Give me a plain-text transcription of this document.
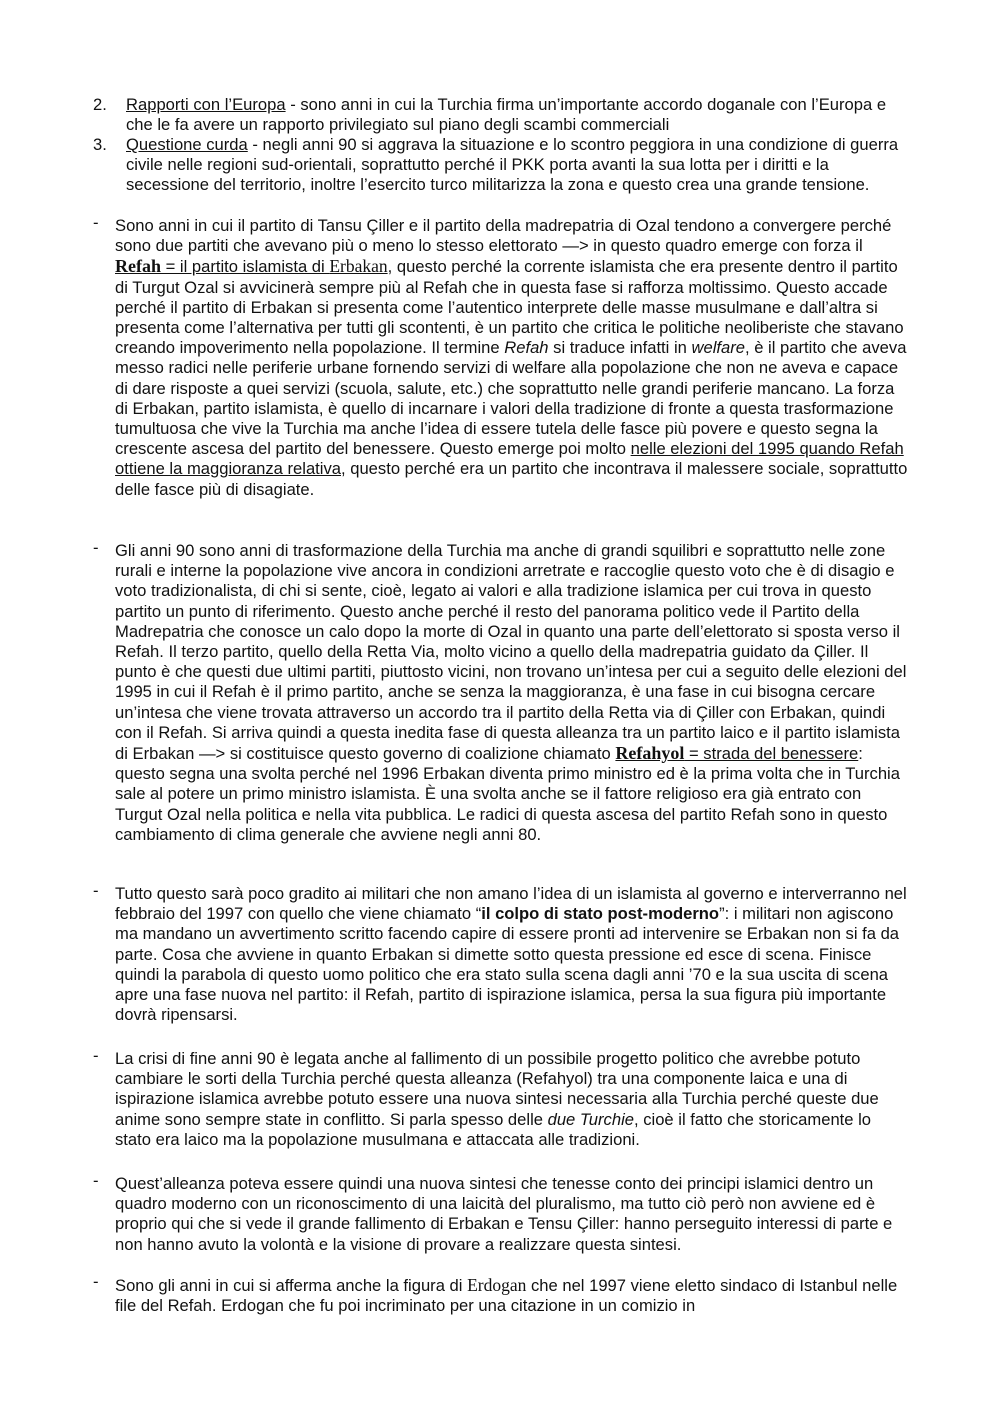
2. Rapporti con l’Europa - sono anni in cui la Turchia firma un’importante accordo doganale con l’Europa e che le fa avere un rapporto privilegiato sul piano degli scambi commerciali

3. Questione curda - negli anni 90 si aggrava la situazione e lo scontro peggiora in una condizione di guerra civile nelle regioni sud-orientali, soprattutto perché il PKK porta avanti la sua lotta per i diritti e la secessione del territorio, inoltre l’esercito turco militarizza la zona e questo crea una grande tensione.

- Sono anni in cui il partito di Tansu Çiller e il partito della madrepatria di Ozal tendono a convergere perché sono due partiti che avevano più o meno lo stesso elettorato —> in questo quadro emerge con forza il Refah = il partito islamista di Erbakan, questo perché la corrente islamista che era presente dentro il partito di Turgut Ozal si avvicinerà sempre più al Refah che in questa fase si rafforza moltissimo. Questo accade perché il partito di Erbakan si presenta come l’autentico interprete delle masse musulmane e dall’altra si presenta come l’alternativa per tutti gli scontenti, è un partito che critica le politiche neoliberiste che stavano creando impoverimento nella popolazione. Il termine Refah si traduce infatti in welfare, è il partito che aveva messo radici nelle periferie urbane fornendo servizi di welfare alla popolazione che non ne aveva e capace di dare risposte a quei servizi (scuola, salute, etc.) che soprattutto nelle grandi periferie mancano. La forza di Erbakan, partito islamista, è quello di incarnare i valori della tradizione di fronte a questa trasformazione tumultuosa che vive la Turchia ma anche l’idea di essere tutela delle fasce più povere e questo segna la crescente ascesa del partito del benessere. Questo emerge poi molto nelle elezioni del 1995 quando Refah ottiene la maggioranza relativa, questo perché era un partito che incontrava il malessere sociale, soprattutto delle fasce più di disagiate.

- Gli anni 90 sono anni di trasformazione della Turchia ma anche di grandi squilibri e soprattutto nelle zone rurali e interne la popolazione vive ancora in condizioni arretrate e raccoglie questo voto che è di disagio e voto tradizionalista, di chi si sente, cioè, legato ai valori e alla tradizione islamica per cui trova in questo partito un punto di riferimento. Questo anche perché il resto del panorama politico vede il Partito della Madrepatria che conosce un calo dopo la morte di Ozal in quanto una parte dell’elettorato si sposta verso il Refah. Il terzo partito, quello della Retta Via, molto vicino a quello della madrepatria guidato da Çiller. Il punto è che questi due ultimi partiti, piuttosto vicini, non trovano un’intesa per cui a seguito delle elezioni del 1995 in cui il Refah è il primo partito, anche se senza la maggioranza, è una fase in cui bisogna cercare un’intesa che viene trovata attraverso un accordo tra il partito della Retta via di Çiller con Erbakan, quindi con il Refah. Si arriva quindi a questa inedita fase di questa alleanza tra un partito laico e il partito islamista di Erbakan —> si costituisce questo governo di coalizione chiamato Refahyol = strada del benessere: questo segna una svolta perché nel 1996 Erbakan diventa primo ministro ed è la prima volta che in Turchia sale al potere un primo ministro islamista. È una svolta anche se il fattore religioso era già entrato con Turgut Ozal nella politica e nella vita pubblica. Le radici di questa ascesa del partito Refah sono in questo cambiamento di clima generale che avviene negli anni 80.

- Tutto questo sarà poco gradito ai militari che non amano l’idea di un islamista al governo e interverranno nel febbraio del 1997 con quello che viene chiamato “il colpo di stato post-moderno”: i militari non agiscono ma mandano un avvertimento scritto facendo capire di essere pronti ad intervenire se Erbakan non si fa da parte. Cosa che avviene in quanto Erbakan si dimette sotto questa pressione ed esce di scena. Finisce quindi la parabola di questo uomo politico che era stato sulla scena dagli anni ’70 e la sua uscita di scena apre una fase nuova nel partito: il Refah, partito di ispirazione islamica, persa la sua figura più importante dovrà ripensarsi.

- La crisi di fine anni 90 è legata anche al fallimento di un possibile progetto politico che avrebbe potuto cambiare le sorti della Turchia perché questa alleanza (Refahyol) tra una componente laica e una di ispirazione islamica avrebbe potuto essere una nuova sintesi necessaria alla Turchia perché queste due anime sono sempre state in conflitto. Si parla spesso delle due Turchie, cioè il fatto che storicamente lo stato era laico ma la popolazione musulmana e attaccata alle tradizioni.

- Quest’alleanza poteva essere quindi una nuova sintesi che tenesse conto dei principi islamici dentro un quadro moderno con un riconoscimento di una laicità del pluralismo, ma tutto ciò però non avviene ed è proprio qui che si vede il grande fallimento di Erbakan e Tensu Çiller: hanno perseguito interessi di parte e non hanno avuto la volontà e la visione di provare a realizzare questa sintesi.

- Sono gli anni in cui si afferma anche la figura di Erdogan che nel 1997 viene eletto sindaco di Istanbul nelle file del Refah. Erdogan che fu poi incriminato per una citazione in un comizio in
